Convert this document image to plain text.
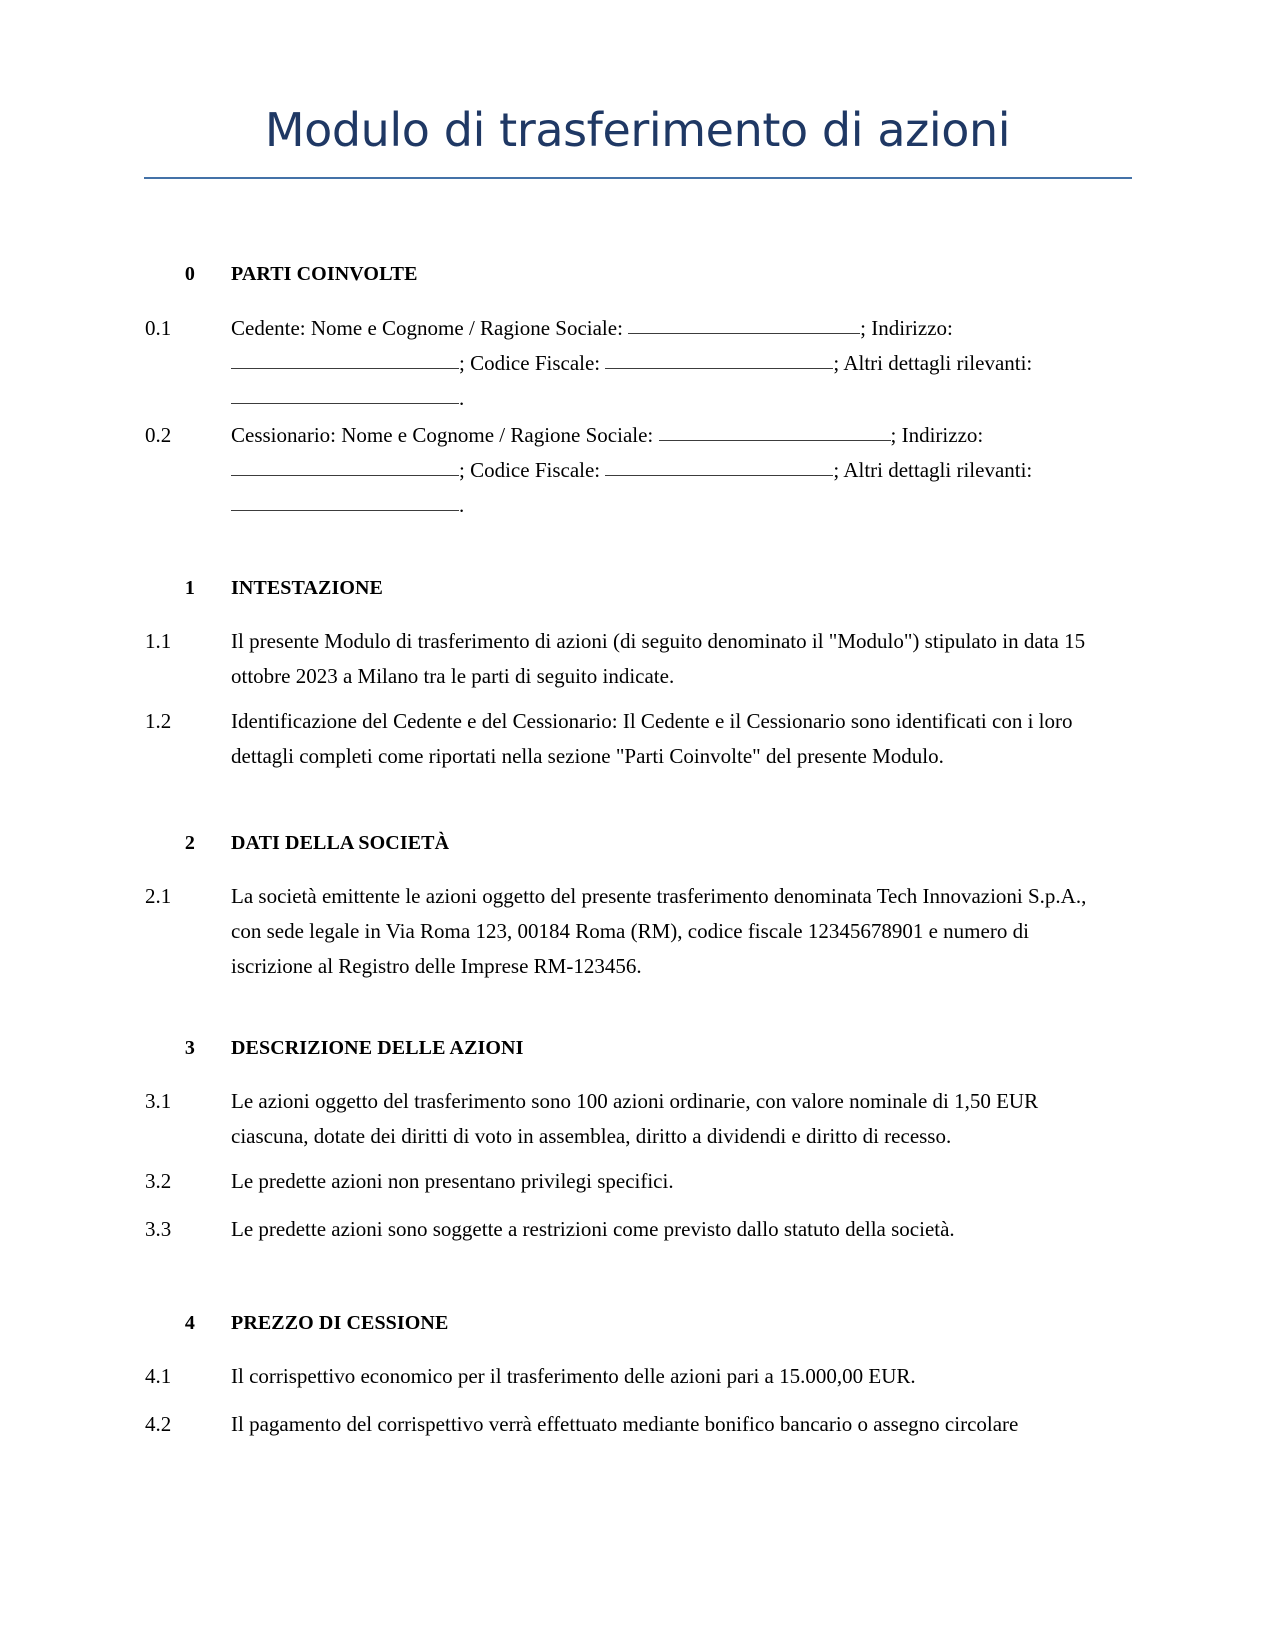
Modulo di trasferimento di azioni
0	PARTI COINVOLTE
0.1	Cedente: Nome e Cognome / Ragione Sociale:	; Indirizzo: ; Codice Fiscale:	; Altri dettagli rilevanti: .
0.2	Cessionario: Nome e Cognome / Ragione Sociale:	; Indirizzo: ; Codice Fiscale:	; Altri dettagli rilevanti: .
1	INTESTAZIONE
1.1	Il presente Modulo di trasferimento di azioni (di seguito denominato il "Modulo") stipulato in data 15 ottobre 2023 a Milano tra le parti di seguito indicate.
1.2	Identificazione del Cedente e del Cessionario: Il Cedente e il Cessionario sono identificati con i loro dettagli completi come riportati nella sezione "Parti Coinvolte" del presente Modulo.
2	DATI DELLA SOCIETÀ
2.1	La società emittente le azioni oggetto del presente trasferimento denominata Tech Innovazioni S.p.A., con sede legale in Via Roma 123, 00184 Roma (RM), codice fiscale 12345678901 e numero di iscrizione al Registro delle Imprese RM-123456.
3	DESCRIZIONE DELLE AZIONI
3.1	Le azioni oggetto del trasferimento sono 100 azioni ordinarie, con valore nominale di 1,50 EUR ciascuna, dotate dei diritti di voto in assemblea, diritto a dividendi e diritto di recesso.
3.2	Le predette azioni non presentano privilegi specifici.
3.3	Le predette azioni sono soggette a restrizioni come previsto dallo statuto della società.
4	PREZZO DI CESSIONE
4.1	Il corrispettivo economico per il trasferimento delle azioni pari a 15.000,00 EUR.
4.2	Il pagamento del corrispettivo verrà effettuato mediante bonifico bancario o assegno circolare
